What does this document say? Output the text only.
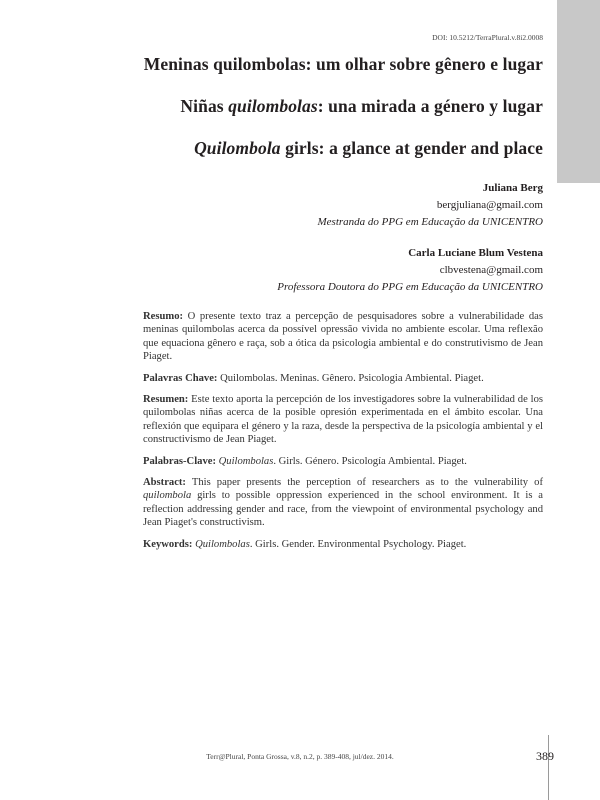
DOI: 10.5212/TerraPlural.v.8i2.0008
Meninas quilombolas: um olhar sobre gênero e lugar
Niñas quilombolas: una mirada a género y lugar
Quilombola girls: a glance at gender and place
Juliana Berg
bergjuliana@gmail.com
Mestranda do PPG em Educação da UNICENTRO
Carla Luciane Blum Vestena
clbvestena@gmail.com
Professora Doutora do PPG em Educação da UNICENTRO

Resumo: O presente texto traz a percepção de pesquisadores sobre a vulnerabilidade das meninas quilombolas acerca da possível opressão vivida no ambiente escolar. Uma reflexão que equaciona gênero e raça, sob a ótica da psicologia ambiental e do construtivismo de Jean Piaget.

Palavras Chave: Quilombolas. Meninas. Gênero. Psicologia Ambiental. Piaget.

Resumen: Este texto aporta la percepción de los investigadores sobre la vulnerabilidad de los quilombolas niñas acerca de la posible opresión experimentada en el ámbito escolar. Una reflexión que equipara el género y la raza, desde la perspectiva de la psicología ambiental y el constructivismo de Jean Piaget.

Palabras-Clave: Quilombolas. Girls. Género. Psicología Ambiental. Piaget.

Abstract: This paper presents the perception of researchers as to the vulnerability of quilombola girls to possible oppression experienced in the school environment. It is a reflection addressing gender and race, from the viewpoint of environmental psychology and Jean Piaget's constructivism.

Keywords: Quilombolas. Girls. Gender. Environmental Psychology. Piaget.

Terr@Plural, Ponta Grossa, v.8, n.2, p. 389-408, jul/dez. 2014.	389
